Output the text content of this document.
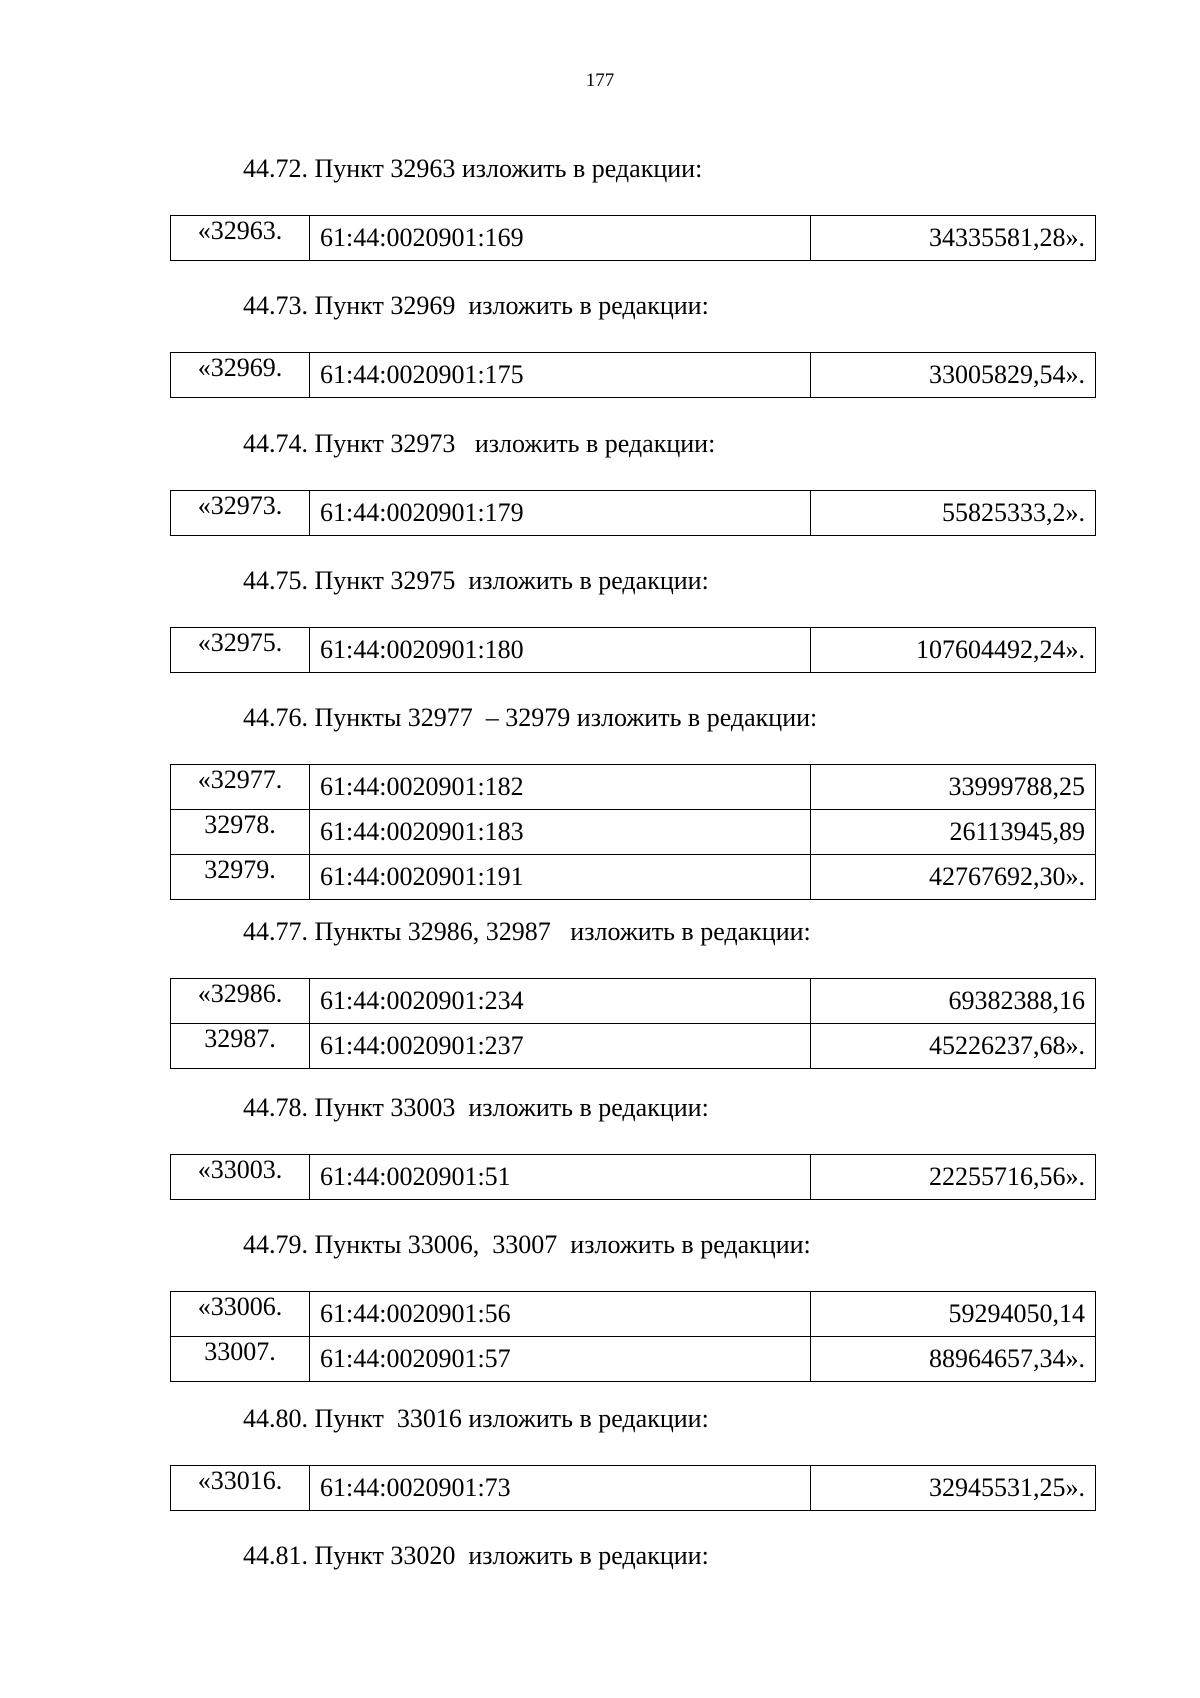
177
44.72. Пункт 32963 изложить в редакции:
«32963.	61:44:0020901:169	34335581,28».
44.73. Пункт 32969  изложить в редакции:
«32969.	61:44:0020901:175	33005829,54».
44.74. Пункт 32973   изложить в редакции:
«32973.	61:44:0020901:179	55825333,2».
44.75. Пункт 32975  изложить в редакции:
«32975.	61:44:0020901:180	107604492,24».
44.76. Пункты 32977  – 32979 изложить в редакции:
«32977.	61:44:0020901:182	33999788,25
32978.	61:44:0020901:183	26113945,89
32979.	61:44:0020901:191	42767692,30».
44.77. Пункты 32986, 32987   изложить в редакции:
«32986.	61:44:0020901:234	69382388,16
32987.	61:44:0020901:237	45226237,68».
44.78. Пункт 33003  изложить в редакции:
«33003.	61:44:0020901:51	22255716,56».
44.79. Пункты 33006,  33007  изложить в редакции:
«33006.	61:44:0020901:56	59294050,14
33007.	61:44:0020901:57	88964657,34».
44.80. Пункт  33016 изложить в редакции:
«33016.	61:44:0020901:73	32945531,25».
44.81. Пункт 33020  изложить в редакции:
